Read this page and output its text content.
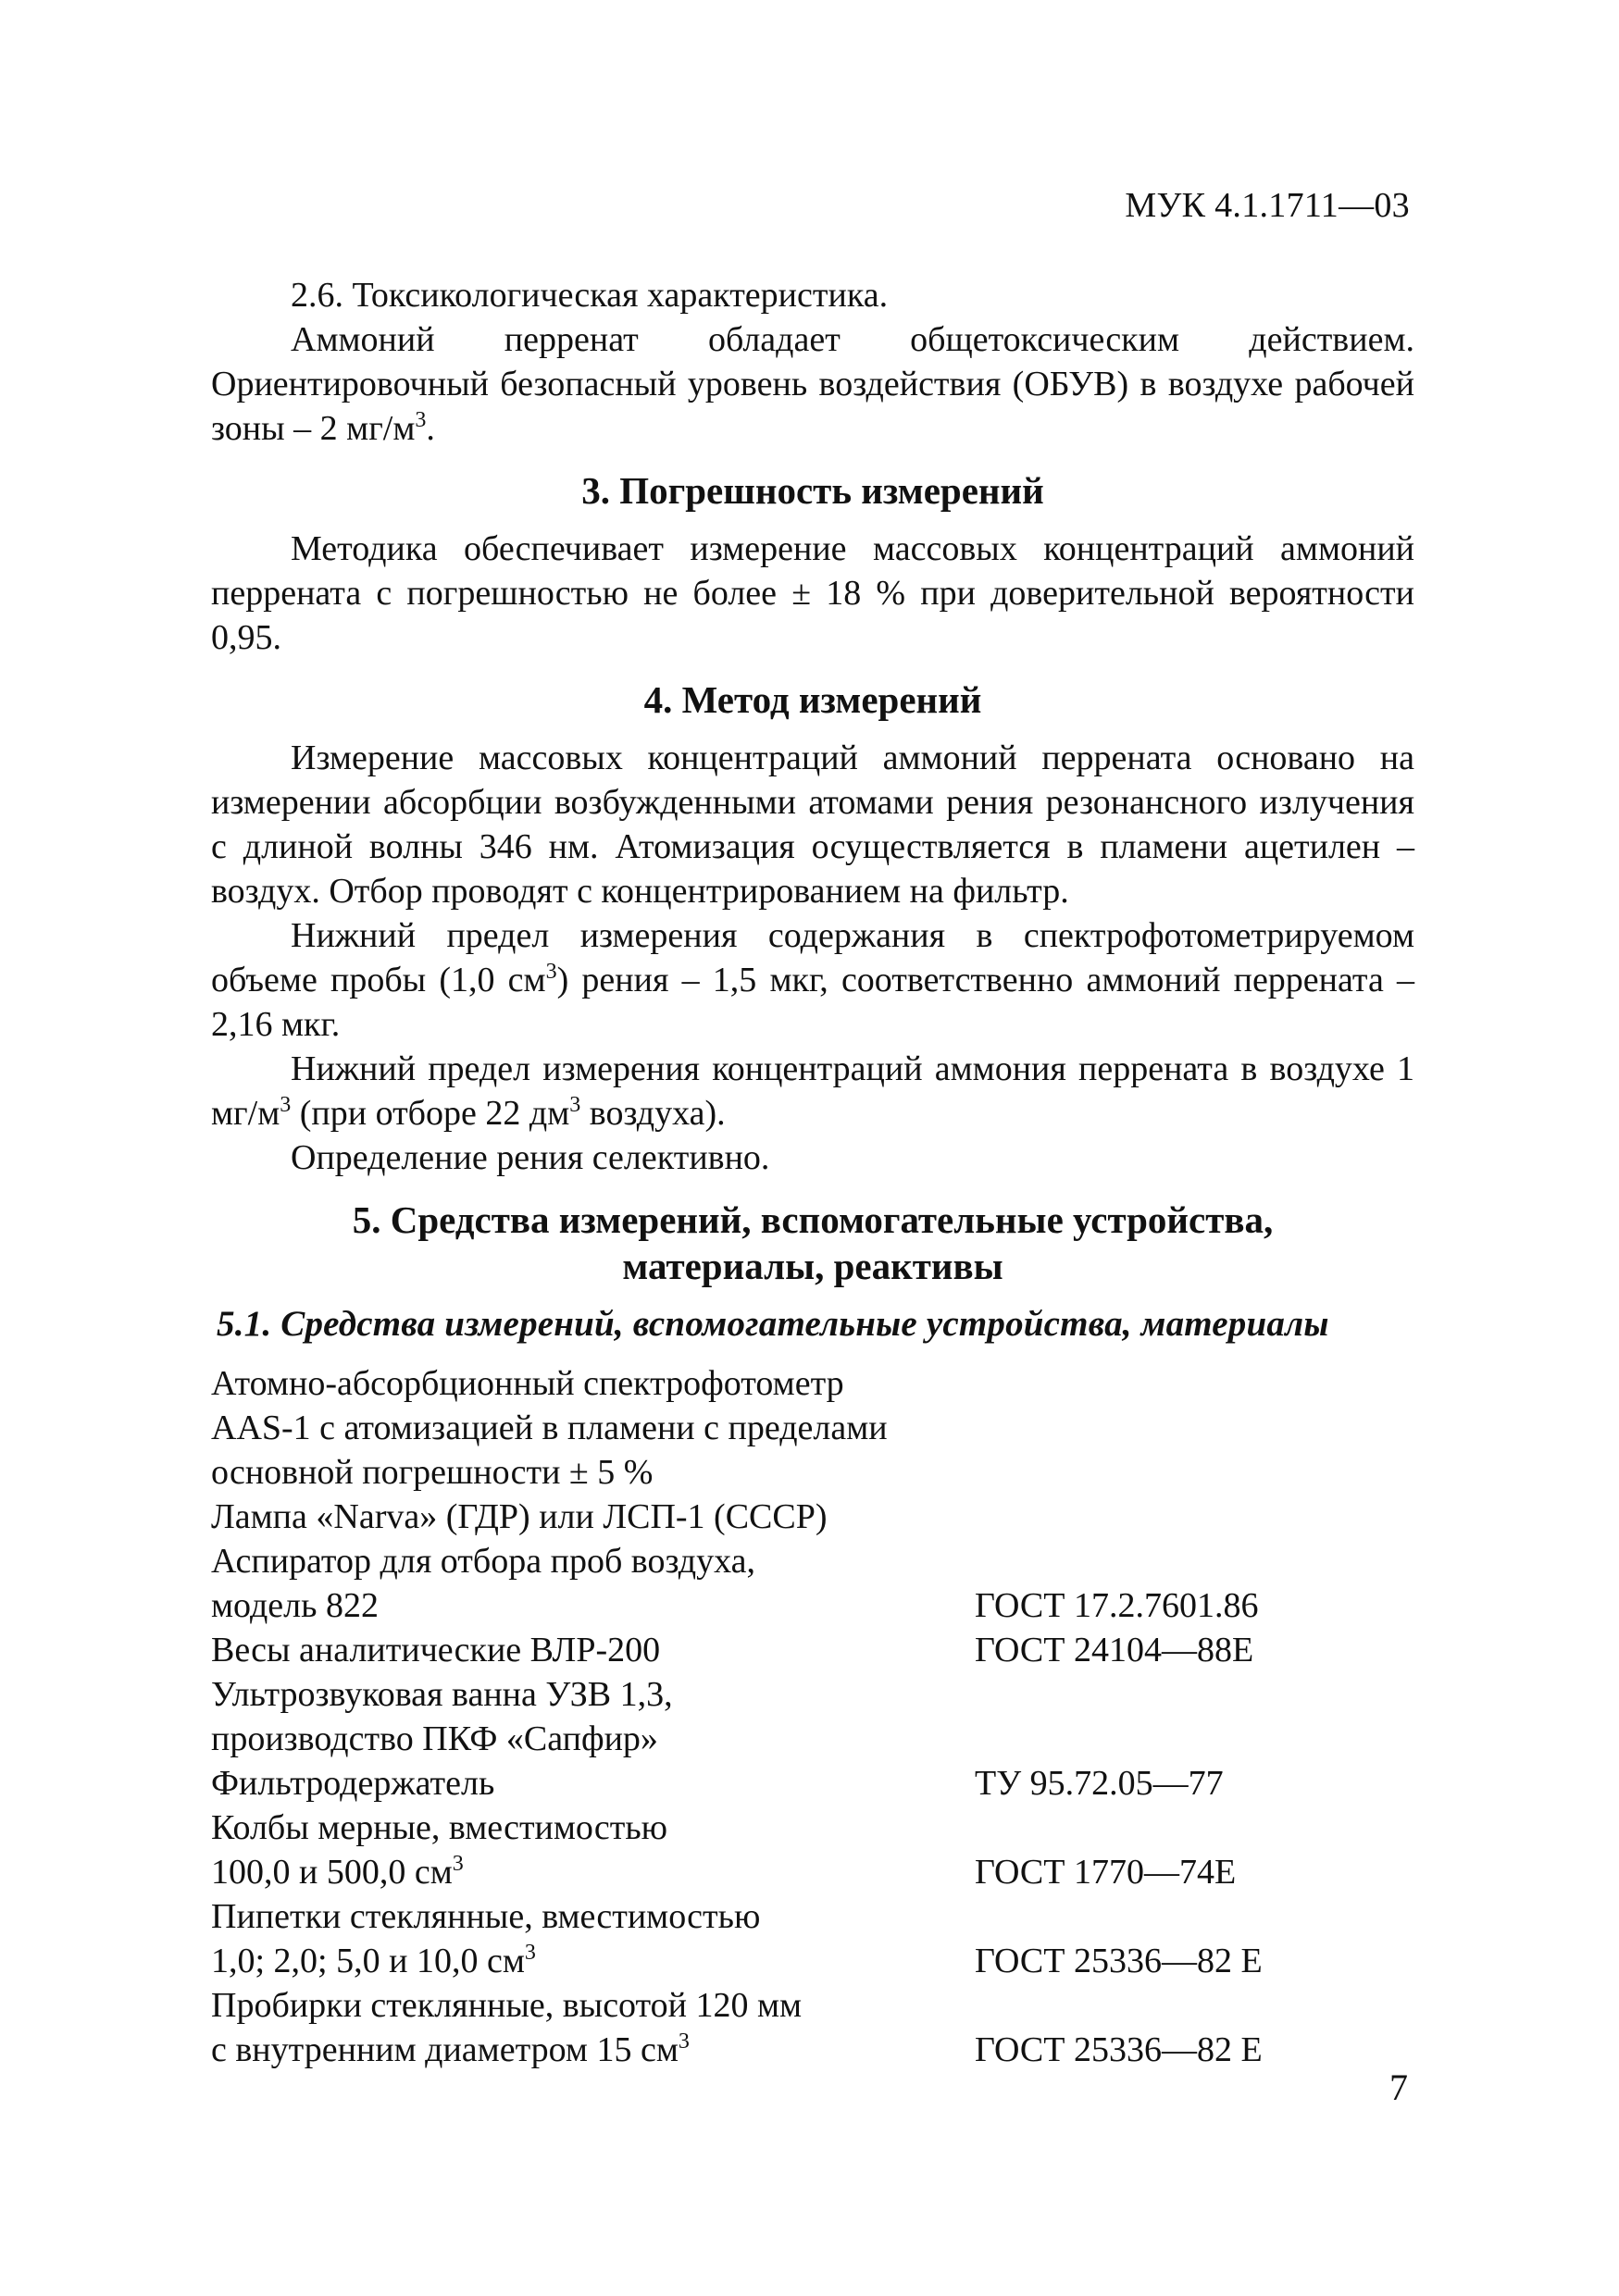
МУК 4.1.1711—03

2.6. Токсикологическая характеристика.

Аммоний перренат обладает общетоксическим действием. Ориентировочный безопасный уровень воздействия (ОБУВ) в воздухе рабочей зоны – 2 $мг/м^3$.

3. Погрешность измерений

Методика обеспечивает измерение массовых концентраций аммоний перрената с погрешностью не более ± 18 % при доверительной вероятности 0,95.

4. Метод измерений

Измерение массовых концентраций аммоний перрената основано на измерении абсорбции возбужденными атомами рения резонансного излучения с длиной волны 346 нм. Атомизация осуществляется в пламени ацетилен – воздух. Отбор проводят с концентрированием на фильтр.

Нижний предел измерения содержания в спектрофотометрируемом объеме пробы (1,0 $см^3$) рения – 1,5 мкг, соответственно аммоний перрената – 2,16 мкг.

Нижний предел измерения концентраций аммония перрената в воздухе 1 $мг/м^3$ (при отборе 22 $дм^3$ воздуха).

Определение рения селективно.

5. Средства измерений, вспомогательные устройства,
материалы, реактивы
5.1. Средства измерений, вспомогательные устройства, материалы
Атомно-абсорбционный спектрофотометр
AAS-1 с атомизацией в пламени с пределами
основной погрешности ± 5 %
Лампа «Narva» (ГДР) или ЛСП-1 (СССР)
Аспиратор для отбора проб воздуха,
модель 822	ГОСТ 17.2.7601.86
Весы аналитические ВЛР-200	ГОСТ 24104—88Е
Ультрозвуковая ванна УЗВ 1,3,
производство ПКФ «Сапфир»
Фильтродержатель	ТУ 95.72.05—77
Колбы мерные, вместимостью
100,0 и 500,0 $см^3$	ГОСТ 1770—74Е
Пипетки стеклянные, вместимостью
1,0; 2,0; 5,0 и 10,0 $см^3$	ГОСТ 25336—82 Е
Пробирки стеклянные, высотой 120 мм
с внутренним диаметром 15 $см^3$	ГОСТ 25336—82 Е
7
